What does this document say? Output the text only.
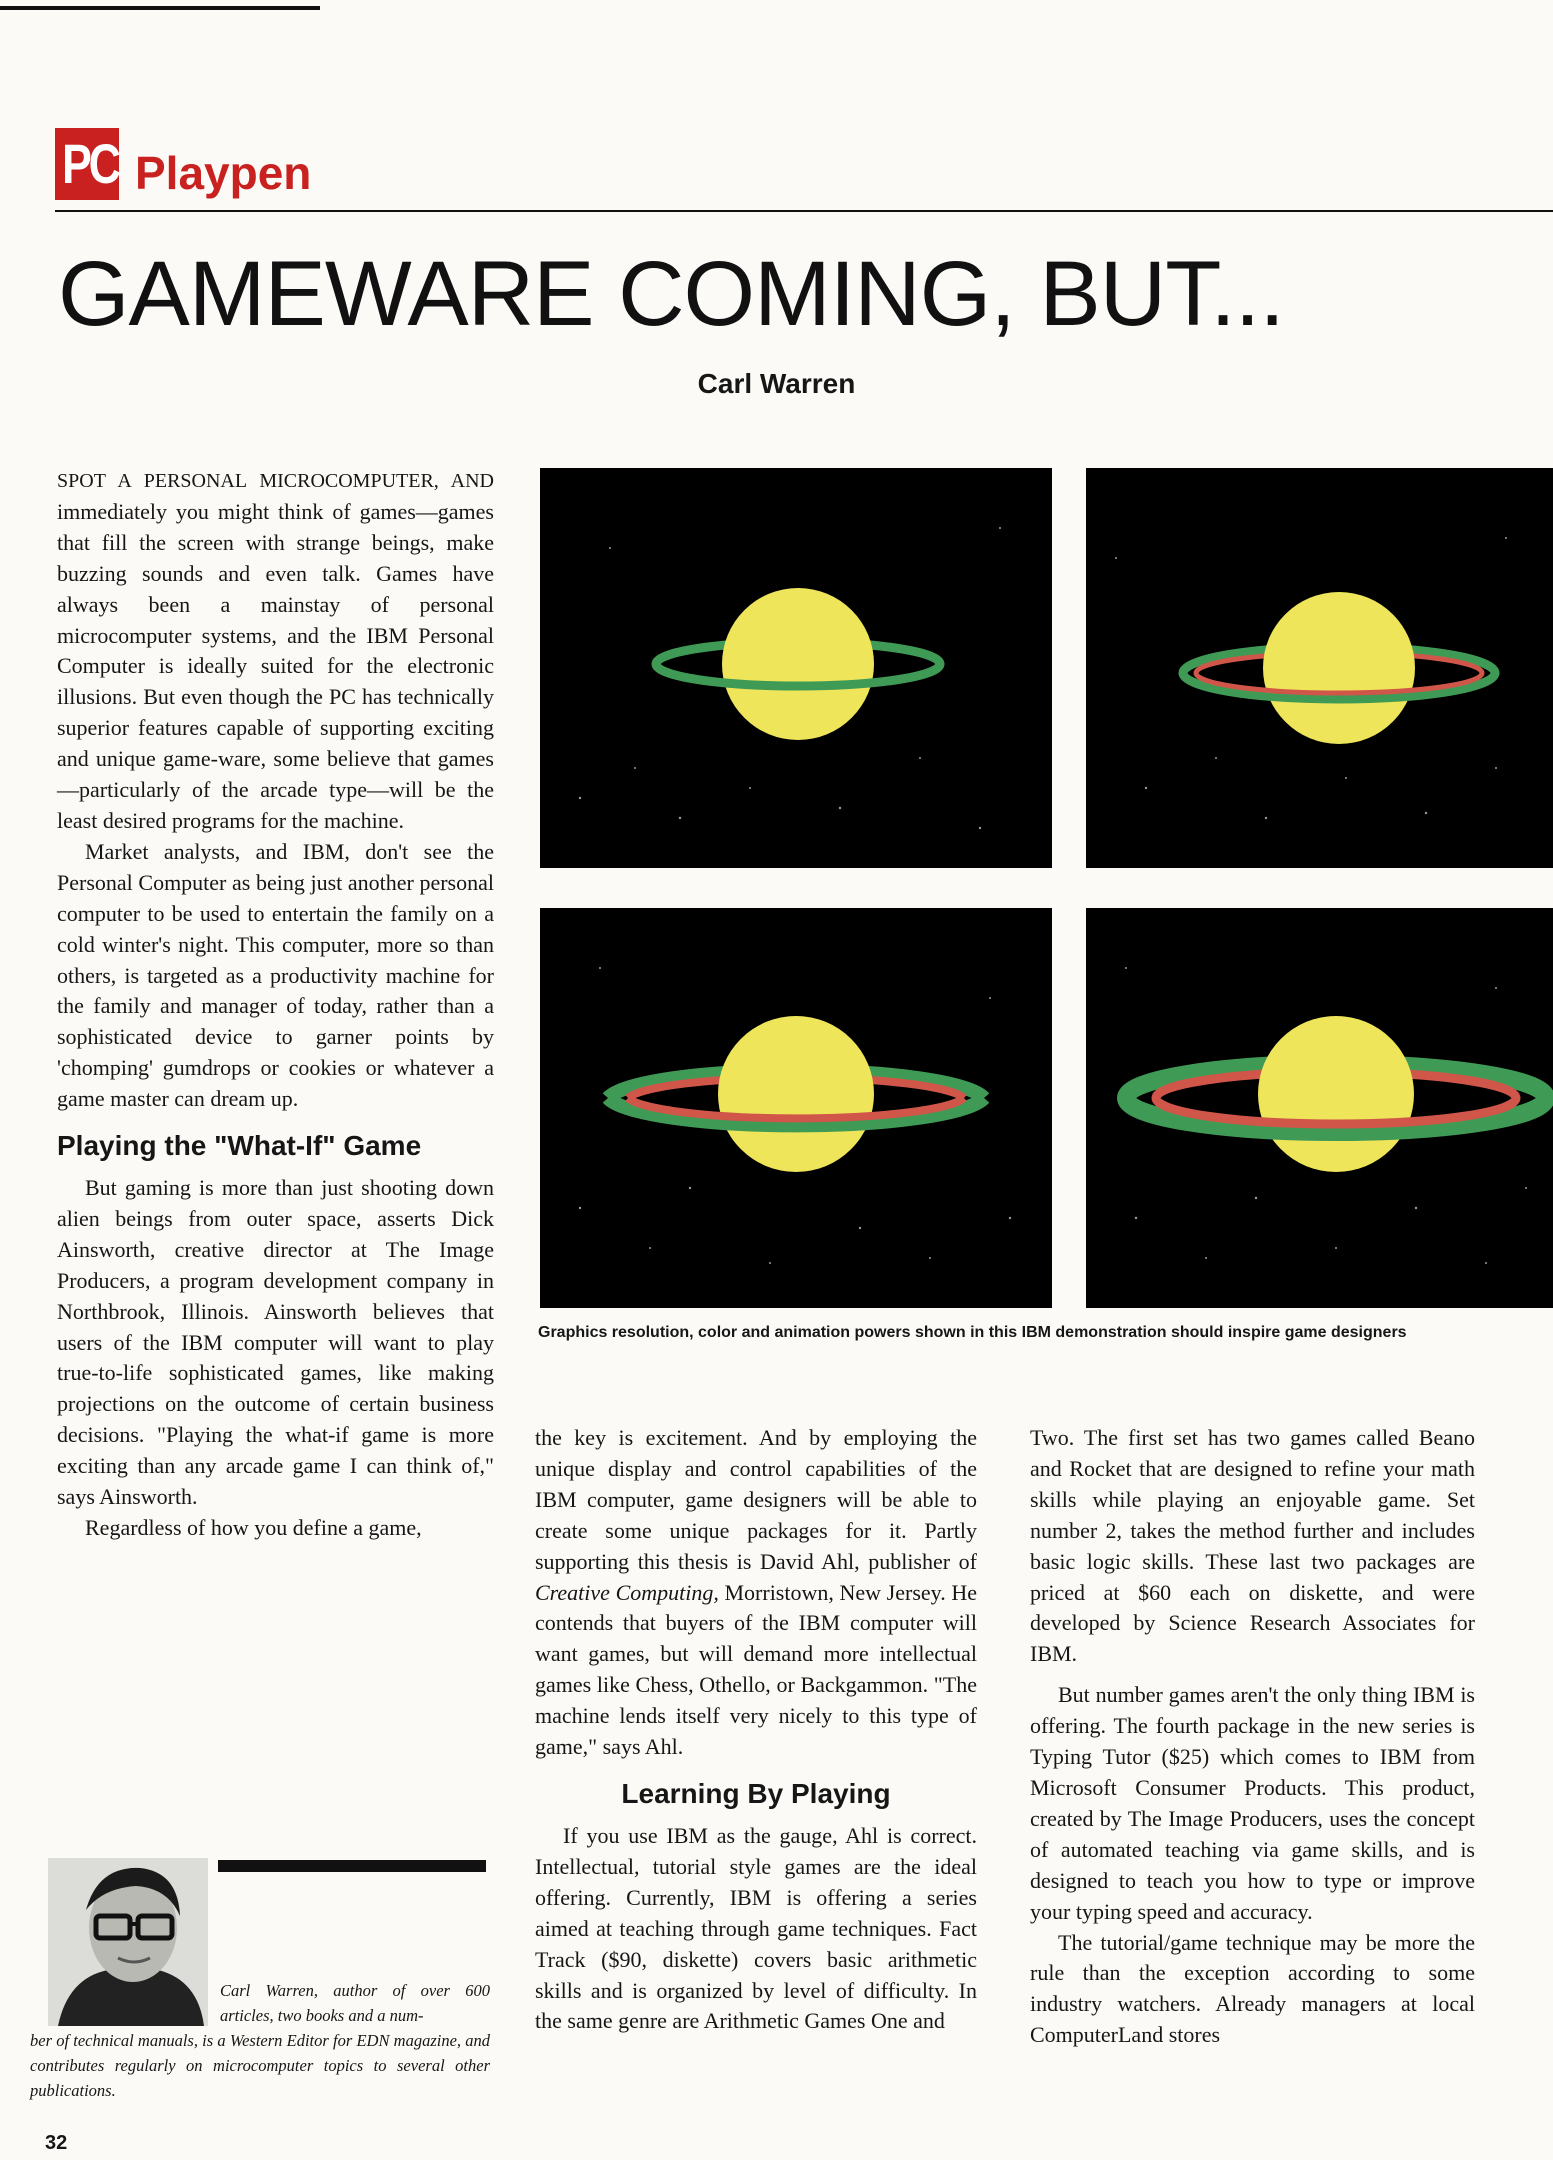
PC Playpen
GAMEWARE COMING, BUT...
Carl Warren

SPOT A PERSONAL MICROCOMPUTER, AND immediately you might think of games—games that fill the screen with strange beings, make buzzing sounds and even talk. Games have always been a mainstay of personal microcomputer systems, and the IBM Personal Computer is ideally suited for the electronic illusions. But even though the PC has technically superior features capable of supporting exciting and unique game-ware, some believe that games—particularly of the arcade type—will be the least desired programs for the machine.

Market analysts, and IBM, don't see the Personal Computer as being just another personal computer to be used to entertain the family on a cold winter's night. This computer, more so than others, is targeted as a productivity machine for the family and manager of today, rather than a sophisticated device to garner points by 'chomping' gumdrops or cookies or whatever a game master can dream up.

Playing the "What-If" Game

But gaming is more than just shooting down alien beings from outer space, asserts Dick Ainsworth, creative director at The Image Producers, a program development company in Northbrook, Illinois. Ainsworth believes that users of the IBM computer will want to play true-to-life sophisticated games, like making projections on the outcome of certain business decisions. "Playing the what-if game is more exciting than any arcade game I can think of," says Ainsworth.

Regardless of how you define a game,

Graphics resolution, color and animation powers shown in this IBM demonstration should inspire game designers

the key is excitement. And by employing the unique display and control capabilities of the IBM computer, game designers will be able to create some unique packages for it. Partly supporting this thesis is David Ahl, publisher of Creative Computing, Morristown, New Jersey. He contends that buyers of the IBM computer will want games, but will demand more intellectual games like Chess, Othello, or Backgammon. "The machine lends itself very nicely to this type of game," says Ahl.

Learning By Playing

If you use IBM as the gauge, Ahl is correct. Intellectual, tutorial style games are the ideal offering. Currently, IBM is offering a series aimed at teaching through game techniques. Fact Track ($90, diskette) covers basic arithmetic skills and is organized by level of difficulty. In the same genre are Arithmetic Games One and

Two. The first set has two games called Beano and Rocket that are designed to refine your math skills while playing an enjoyable game. Set number 2, takes the method further and includes basic logic skills. These last two packages are priced at $60 each on diskette, and were developed by Science Research Associates for IBM.

But number games aren't the only thing IBM is offering. The fourth package in the new series is Typing Tutor ($25) which comes to IBM from Microsoft Consumer Products. This product, created by The Image Producers, uses the concept of automated teaching via game skills, and is designed to teach you how to type or improve your typing speed and accuracy.

The tutorial/game technique may be more the rule than the exception according to some industry watchers. Already managers at local ComputerLand stores

Carl Warren, author of over 600 articles, two books and a num-
ber of technical manuals, is a Western Editor for EDN magazine, and contributes regularly on microcomputer topics to several other publications.
32
